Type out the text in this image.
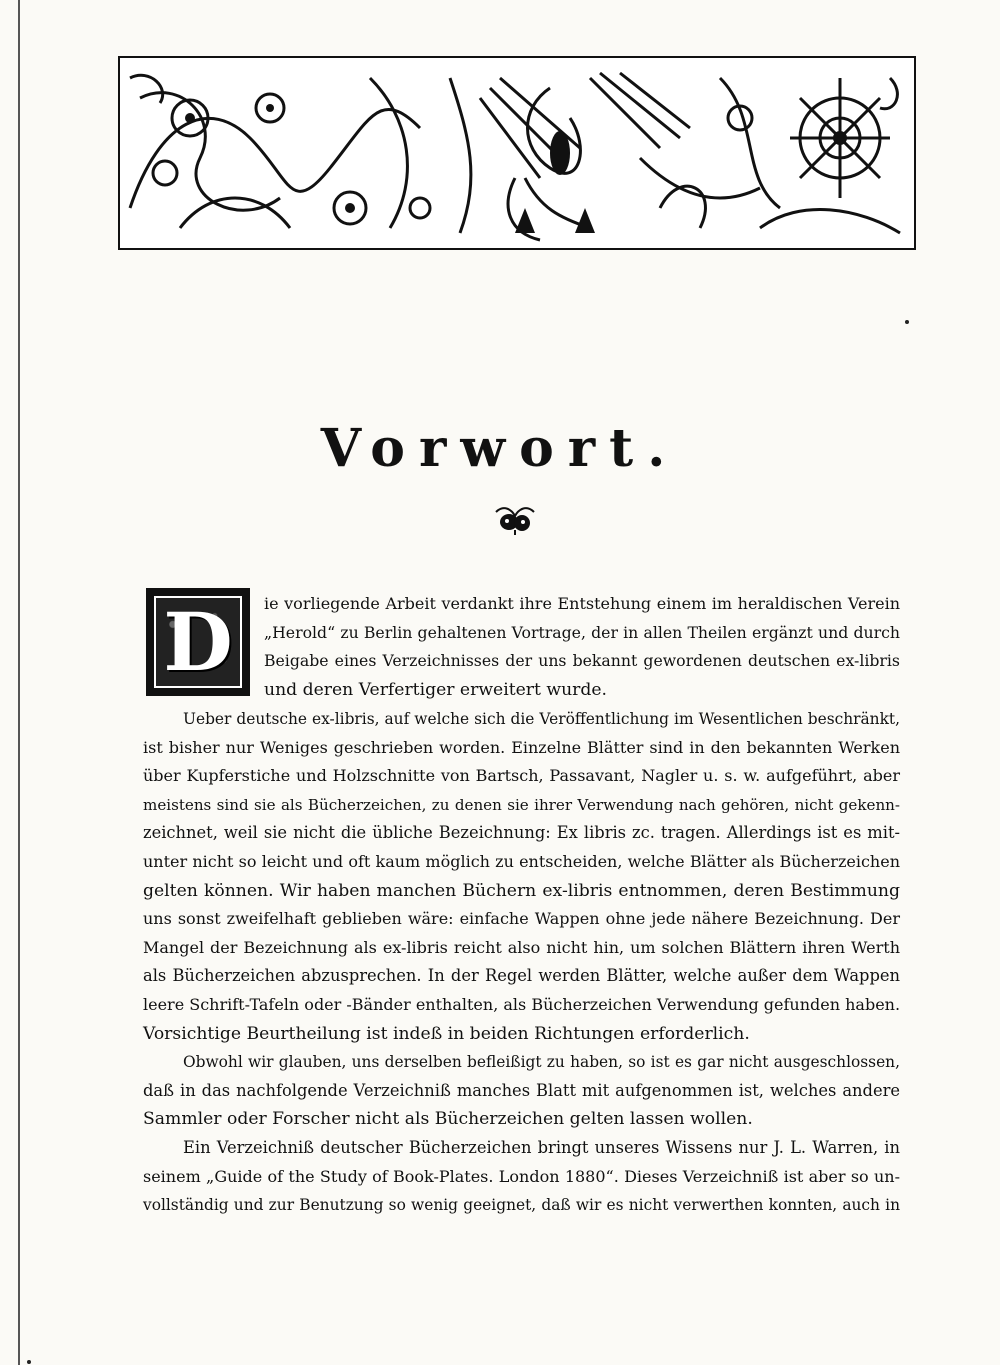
Vorwort.
D	ie vorliegende Arbeit verdankt ihre Entstehung einem im heraldischen Verein
„Herold“ zu Berlin gehaltenen Vortrage, der in allen Theilen ergänzt und durch
Beigabe eines Verzeichnisses der uns bekannt gewordenen deutschen ex-libris
und deren Verfertiger erweitert wurde.
Ueber deutsche ex-libris, auf welche sich die Veröffentlichung im Wesentlichen beschränkt,
ist bisher nur Weniges geschrieben worden. Einzelne Blätter sind in den bekannten Werken
über Kupferstiche und Holzschnitte von Bartsch, Passavant, Nagler u. s. w. aufgeführt, aber
meistens sind sie als Bücherzeichen, zu denen sie ihrer Verwendung nach gehören, nicht gekenn-
zeichnet, weil sie nicht die übliche Bezeichnung: Ex libris zc. tragen. Allerdings ist es mit-
unter nicht so leicht und oft kaum möglich zu entscheiden, welche Blätter als Bücherzeichen
gelten können. Wir haben manchen Büchern ex-libris entnommen, deren Bestimmung
uns sonst zweifelhaft geblieben wäre: einfache Wappen ohne jede nähere Bezeichnung. Der
Mangel der Bezeichnung als ex-libris reicht also nicht hin, um solchen Blättern ihren Werth
als Bücherzeichen abzusprechen. In der Regel werden Blätter, welche außer dem Wappen
leere Schrift-Tafeln oder -Bänder enthalten, als Bücherzeichen Verwendung gefunden haben.
Vorsichtige Beurtheilung ist indeß in beiden Richtungen erforderlich.
Obwohl wir glauben, uns derselben befleißigt zu haben, so ist es gar nicht ausgeschlossen,
daß in das nachfolgende Verzeichniß manches Blatt mit aufgenommen ist, welches andere
Sammler oder Forscher nicht als Bücherzeichen gelten lassen wollen.
Ein Verzeichniß deutscher Bücherzeichen bringt unseres Wissens nur J. L. Warren, in
seinem „Guide of the Study of Book-Plates. London 1880“. Dieses Verzeichniß ist aber so un-
vollständig und zur Benutzung so wenig geeignet, daß wir es nicht verwerthen konnten, auch in
